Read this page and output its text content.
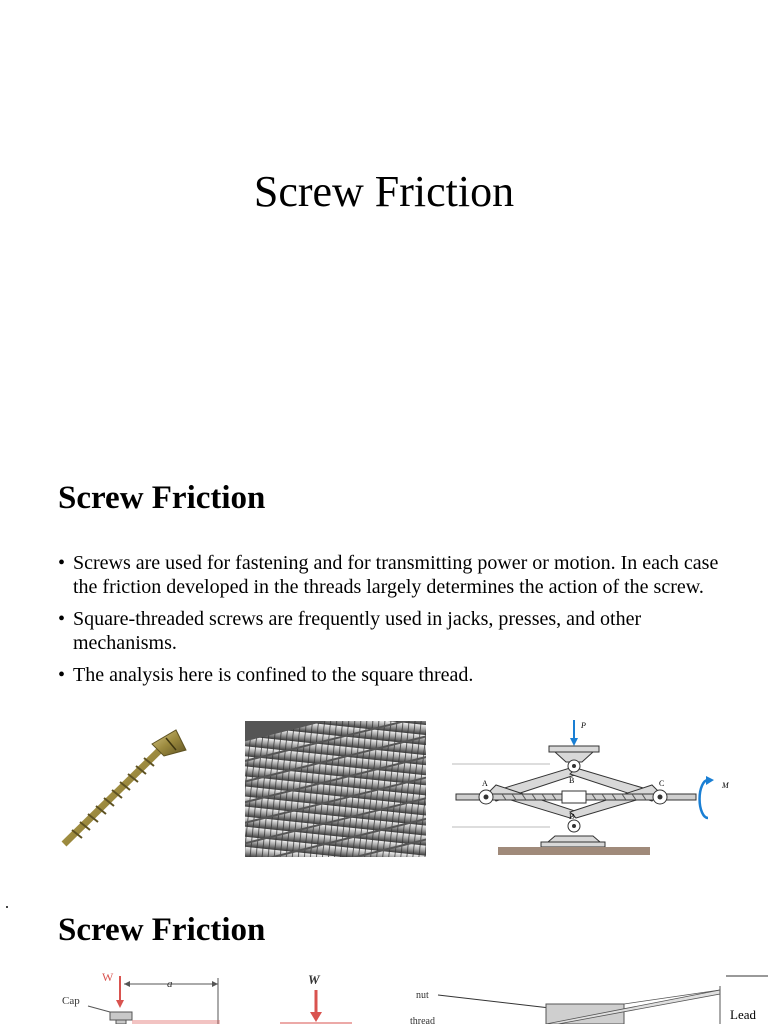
Screw Friction
Screw Friction
• Screws are used for fastening and for transmitting power or motion. In each case the friction developed in the threads largely determines the action of the screw.
• Square-threaded screws are frequently used in jacks, presses, and other mechanisms.
• The analysis here is confined to the square thread.
P
A	B	C
D
M
Screw Friction
W	a
Cap
W
nut
thread	Lead
